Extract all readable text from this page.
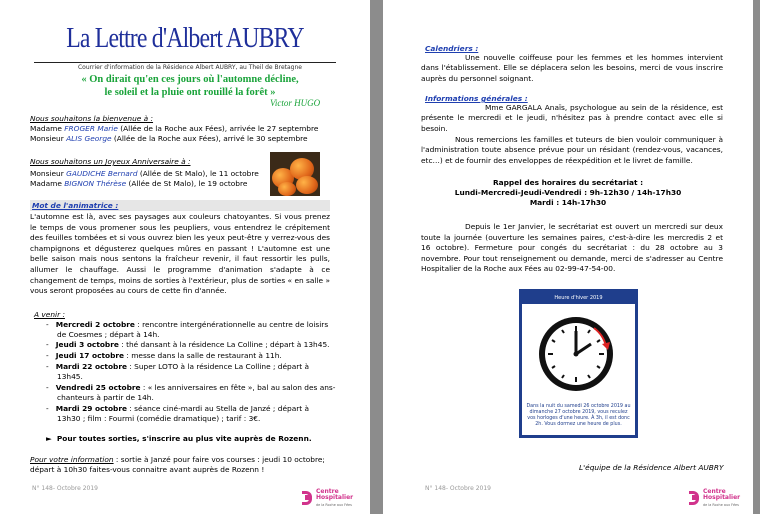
La Lettre d'Albert AUBRY
Courrier d'information de la Résidence Albert AUBRY, au Theil de Bretagne
« On dirait qu'en ces jours où l'automne décline,
le soleil et la pluie ont rouillé la forêt »
Victor HUGO
Nous souhaitons la bienvenue à :
Madame FROGER Marie (Allée de la Roche aux Fées), arrivée le 27 septembre
Monsieur ALIS George (Allée de la Roche aux Fées), arrivé le 30 septembre
Nous souhaitons un Joyeux Anniversaire à :
Monsieur GAUDICHE Bernard (Allée de St Malo), le 11 octobre
Madame BIGNON Thérèse (Allée de St Malo), le 19 octobre
Mot de l'animatrice :
L'automne est là, avec ses paysages aux couleurs chatoyantes. Si vous prenez le temps de vous promener sous les peupliers, vous entendrez le crépitement des feuilles tombées et si vous ouvrez bien les yeux peut-être y verrez-vous des champignons et dégusterez quelques mûres en passant ! L'automne est une belle saison mais nous sentons la fraîcheur revenir, il faut ressortir les pulls, allumer le chauffage. Aussi le programme d'animation s'adapte à ce changement de temps, moins de sorties à l'extérieur, plus de sorties « en salle » vous seront proposées au cours de cette fin d'année.
A venir :
-   Mercredi 2 octobre : rencontre intergénérationnelle au centre de loisirs
de Coesmes ; départ à 14h.
-   Jeudi 3 octobre : thé dansant à la résidence La Colline ; départ à 13h45.
-   Jeudi 17 octobre : messe dans la salle de restaurant à 11h.
-   Mardi 22 octobre : Super LOTO à la résidence La Colline ; départ à
13h45.
-   Vendredi 25 octobre : « les anniversaires en fête », bal au salon des ans-
chanteurs à partir de 14h.
-   Mardi 29 octobre : séance ciné-mardi au Stella de Janzé ; départ à
13h30 ; film : Fourmi (comédie dramatique) ; tarif : 3€.
►  Pour toutes sorties, s'inscrire au plus vite auprès de Rozenn.
Pour votre information : sortie à Janzé pour faire vos courses : jeudi 10 octobre;
départ à 10h30 faites-vous connaitre avant auprès de Rozenn !
N° 148- Octobre 2019	Centre
Hospitalier
de la Roche aux Fées
Calendriers :
Une nouvelle coiffeuse pour les femmes et les hommes intervient dans l'établissement. Elle se déplacera selon les besoins, merci de vous inscrire auprès du personnel soignant.
Informations générales :
Mme GARGALA Anaïs, psychologue au sein de la résidence, est présente le mercredi et le jeudi, n'hésitez pas à prendre contact avec elle si besoin.
Nous remercions les familles et tuteurs de bien vouloir communiquer à l'administration toute absence prévue pour un résidant (rendez-vous, vacances, etc…) et de fournir des enveloppes de réexpédition et le livret de famille.
Rappel des horaires du secrétariat :
Lundi-Mercredi-Jeudi-Vendredi : 9h-12h30 / 14h-17h30
Mardi : 14h-17h30
Depuis le 1er Janvier, le secrétariat est ouvert un mercredi sur deux toute la journée (ouverture les semaines paires, c'est-à-dire les mercredis 2 et 16 octobre). Fermeture pour congés du secrétariat : du 28 octobre au 3 novembre. Pour tout renseignement ou demande, merci de s'adresser au Centre Hospitalier de la Roche aux Fées au 02-99-47-54-00.
Heure d'hiver 2019
Dans la nuit du samedi 26 octobre 2019 au dimanche 27 octobre 2019, vous reculez vos horloges d'une heure. À 3h, il est donc 2h. Vous dormez une heure de plus.
L'équipe de la Résidence Albert AUBRY
N° 148- Octobre 2019	Centre
Hospitalier
de la Roche aux Fées
